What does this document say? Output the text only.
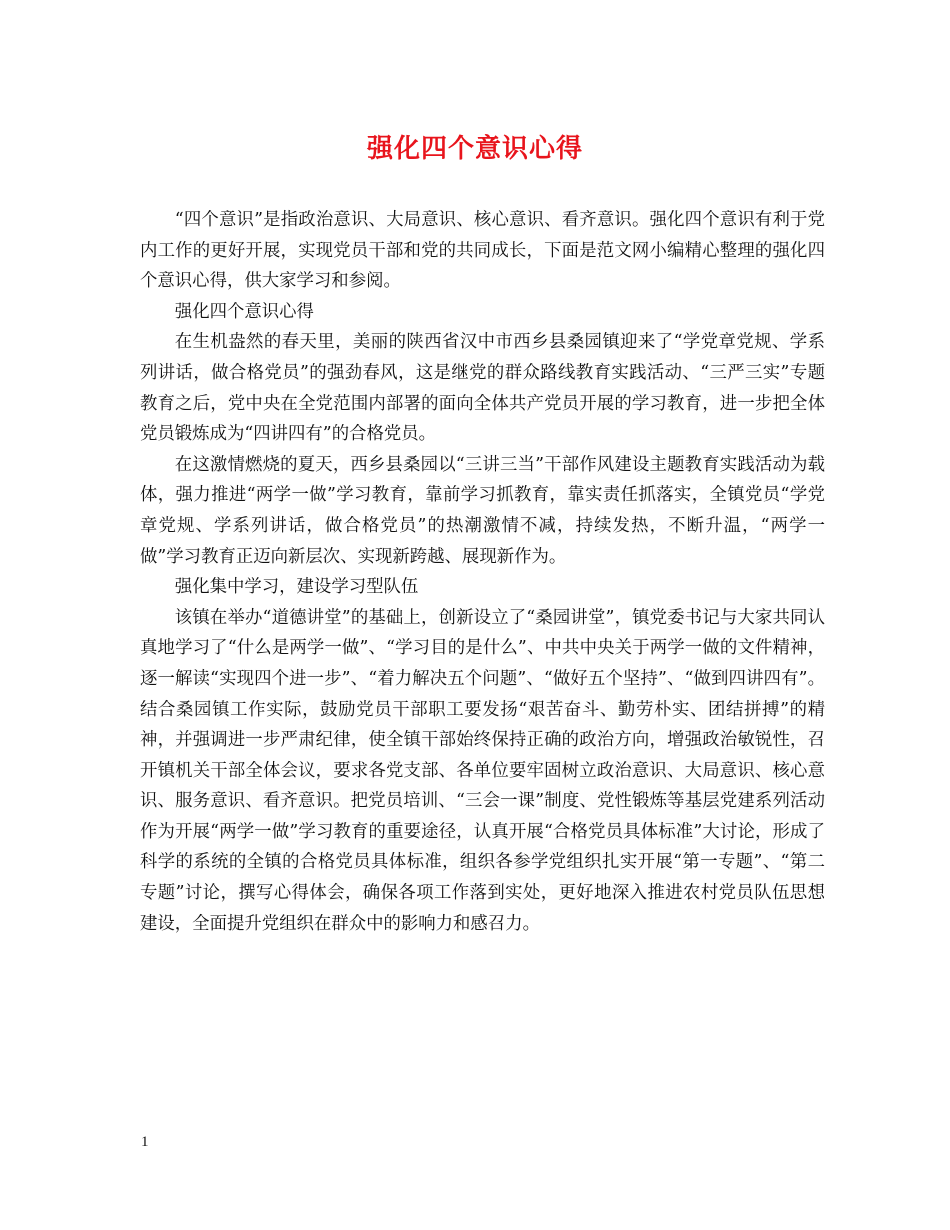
强化四个意识心得

“四个意识”是指政治意识、大局意识、核心意识、看齐意识。强化四个意识有利于党内工作的更好开展，实现党员干部和党的共同成长，下面是范文网小编精心整理的强化四个意识心得，供大家学习和参阅。

强化四个意识心得

在生机盎然的春天里，美丽的陕西省汉中市西乡县桑园镇迎来了“学党章党规、学系列讲话，做合格党员”的强劲春风，这是继党的群众路线教育实践活动、“三严三实”专题教育之后，党中央在全党范围内部署的面向全体共产党员开展的学习教育，进一步把全体党员锻炼成为“四讲四有”的合格党员。

在这激情燃烧的夏天，西乡县桑园以“三讲三当”干部作风建设主题教育实践活动为载体，强力推进“两学一做”学习教育，靠前学习抓教育，靠实责任抓落实，全镇党员“学党章党规、学系列讲话，做合格党员”的热潮激情不减，持续发热，不断升温，“两学一做”学习教育正迈向新层次、实现新跨越、展现新作为。

强化集中学习，建设学习型队伍

该镇在举办“道德讲堂”的基础上，创新设立了“桑园讲堂”，镇党委书记与大家共同认真地学习了“什么是两学一做”、“学习目的是什么”、中共中央关于两学一做的文件精神，逐一解读“实现四个进一步”、“着力解决五个问题”、“做好五个坚持”、“做到四讲四有”。结合桑园镇工作实际，鼓励党员干部职工要发扬“艰苦奋斗、勤劳朴实、团结拼搏”的精神，并强调进一步严肃纪律，使全镇干部始终保持正确的政治方向，增强政治敏锐性，召开镇机关干部全体会议，要求各党支部、各单位要牢固树立政治意识、大局意识、核心意识、服务意识、看齐意识。把党员培训、“三会一课”制度、党性锻炼等基层党建系列活动作为开展“两学一做”学习教育的重要途径，认真开展“合格党员具体标准”大讨论，形成了科学的系统的全镇的合格党员具体标准，组织各参学党组织扎实开展“第一专题”、“第二专题”讨论，撰写心得体会，确保各项工作落到实处，更好地深入推进农村党员队伍思想建设，全面提升党组织在群众中的影响力和感召力。

1
